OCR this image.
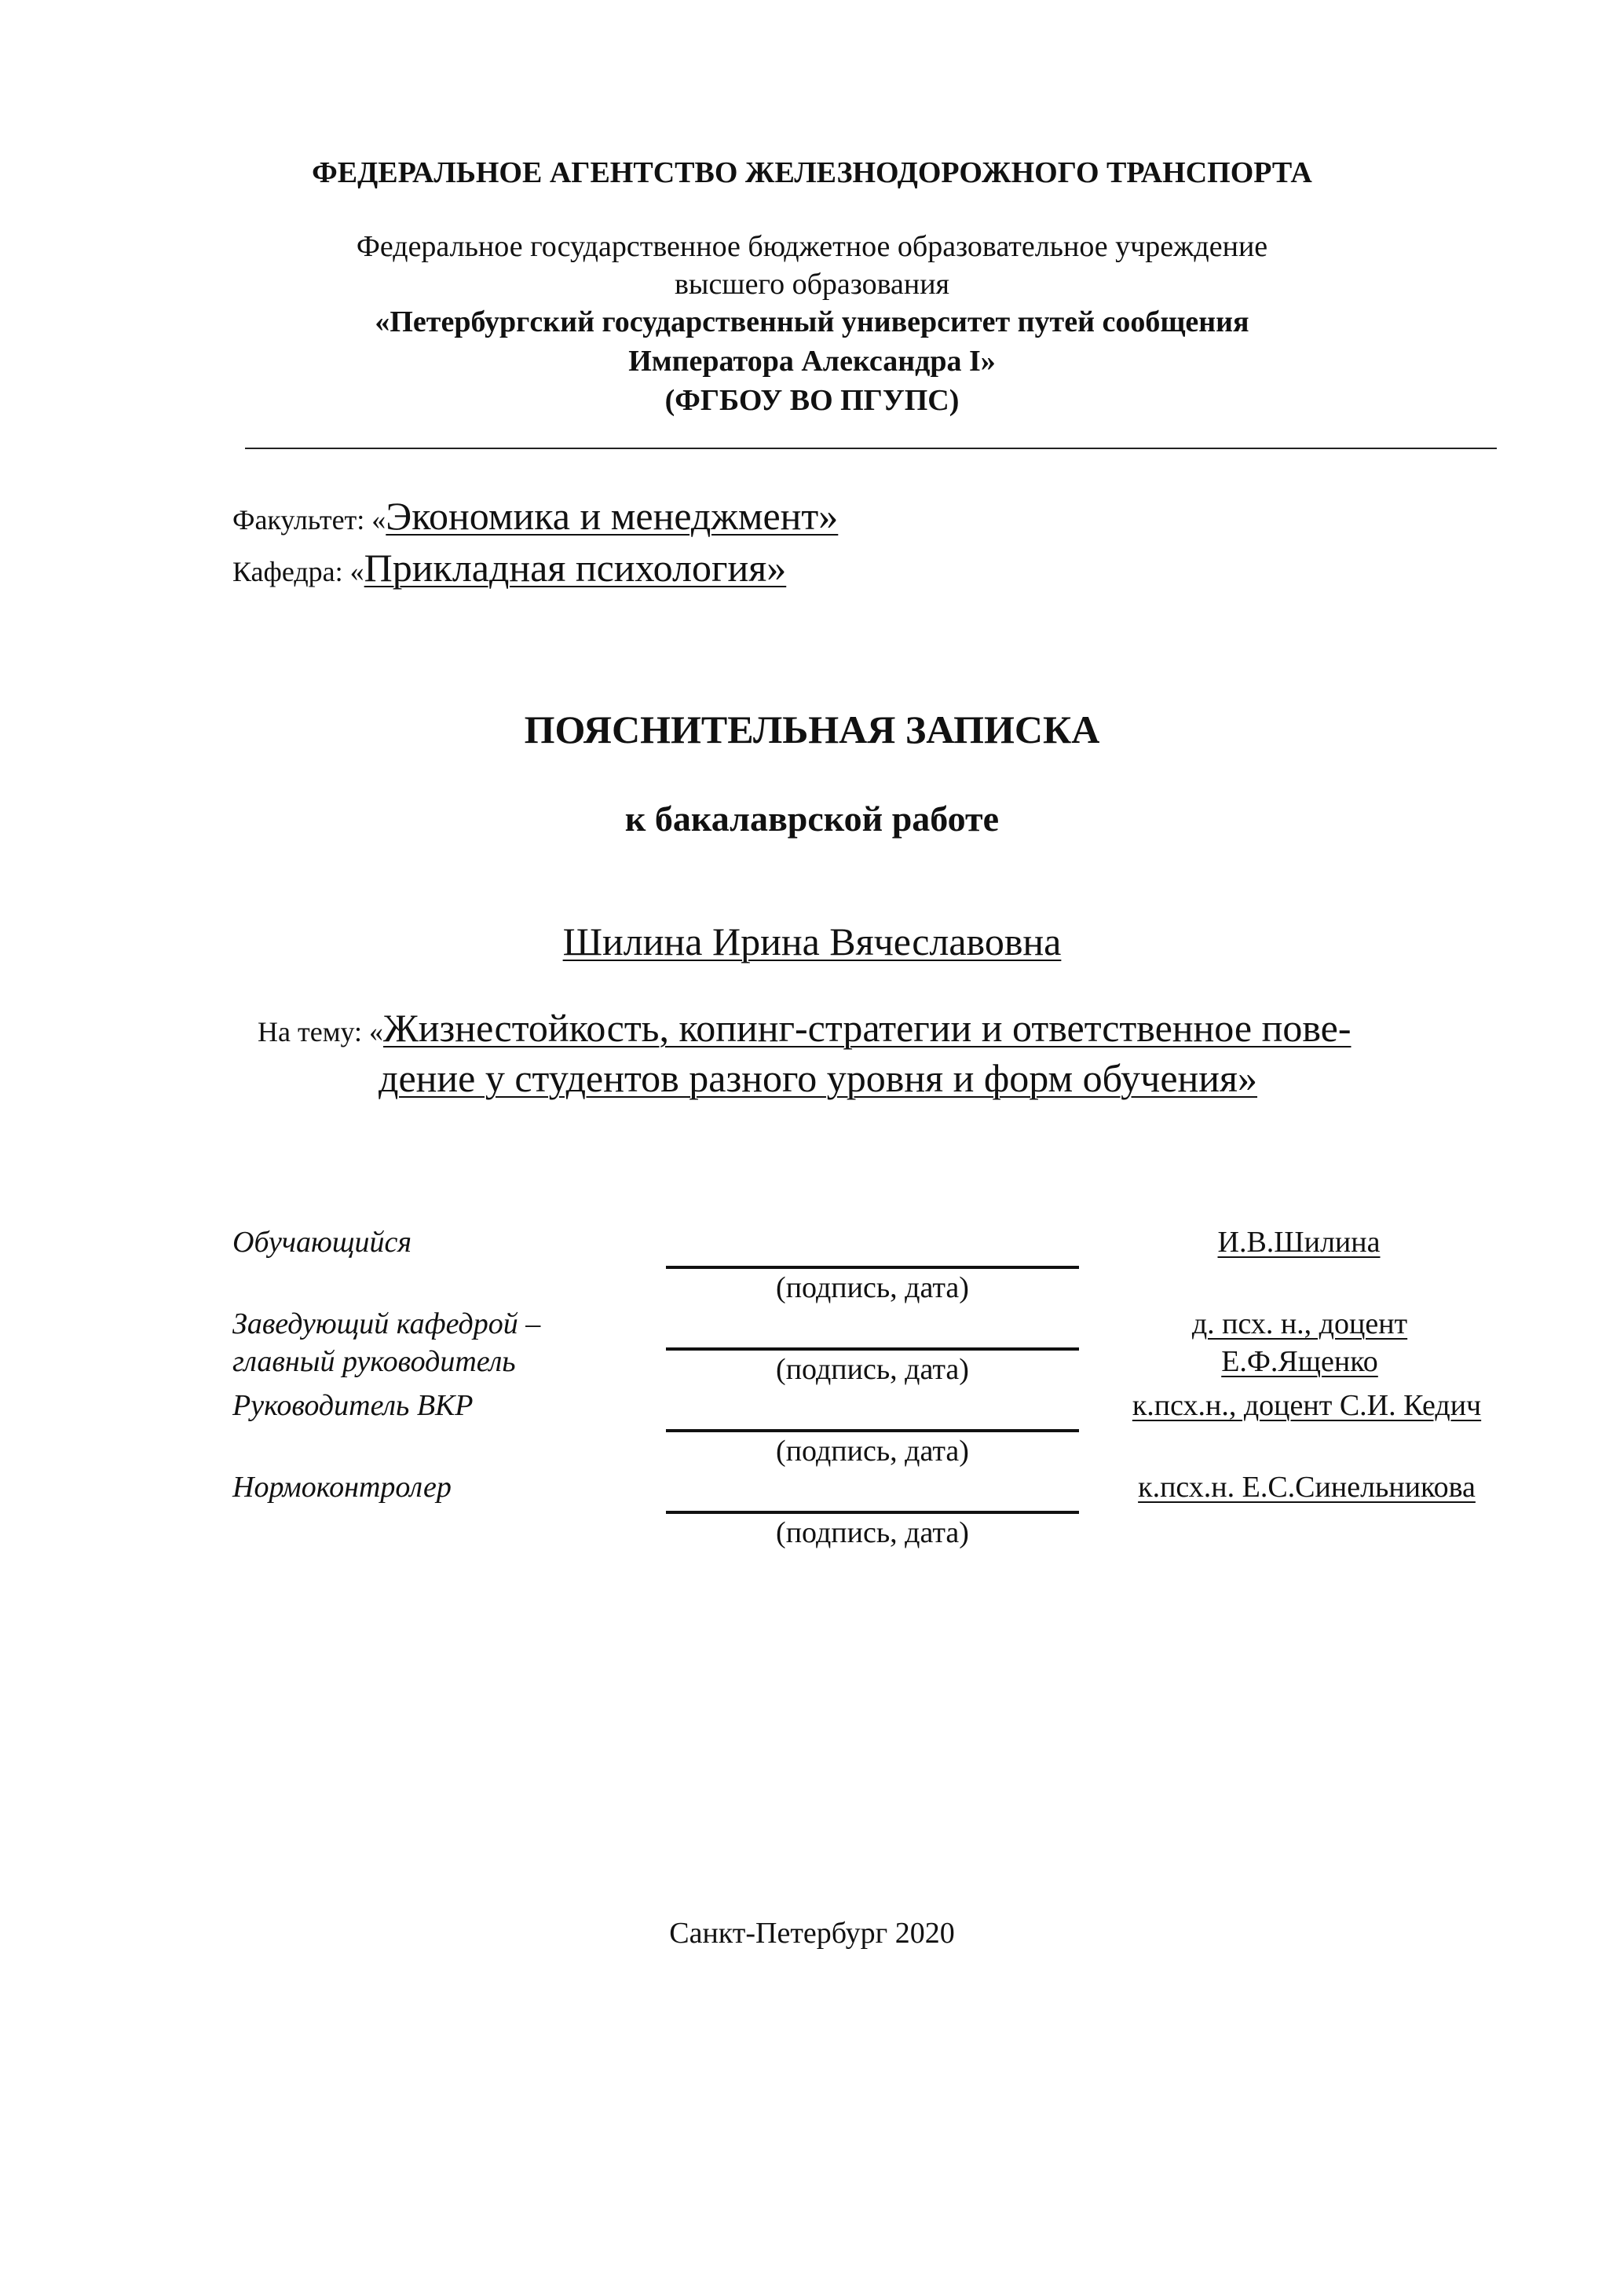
ФЕДЕРАЛЬНОЕ АГЕНТСТВО ЖЕЛЕЗНОДОРОЖНОГО ТРАНСПОРТА
Федеральное государственное бюджетное образовательное учреждение
высшего образования
«Петербургский государственный университет путей сообщения
Императора Александра I»
(ФГБОУ ВО ПГУПС)
Факультет: «Экономика и менеджмент»
Кафедра: «Прикладная психология»
ПОЯСНИТЕЛЬНАЯ ЗАПИСКА
к бакалаврской работе
Шилина Ирина Вячеславовна
На тему: «Жизнестойкость, копинг-стратегии и ответственное пове-
дение у студентов разного уровня и форм обучения»
Обучающийся
(подпись, дата)
И.В.Шилина
Заведующий кафедрой –
главный руководитель	(подпись, дата)
д. псх. н., доцент
Е.Ф.Ященко
Руководитель ВКР
(подпись, дата)
к.псх.н., доцент С.И. Кедич
Нормоконтролер
(подпись, дата)
к.псх.н. Е.С.Синельникова
Санкт-Петербург 2020
